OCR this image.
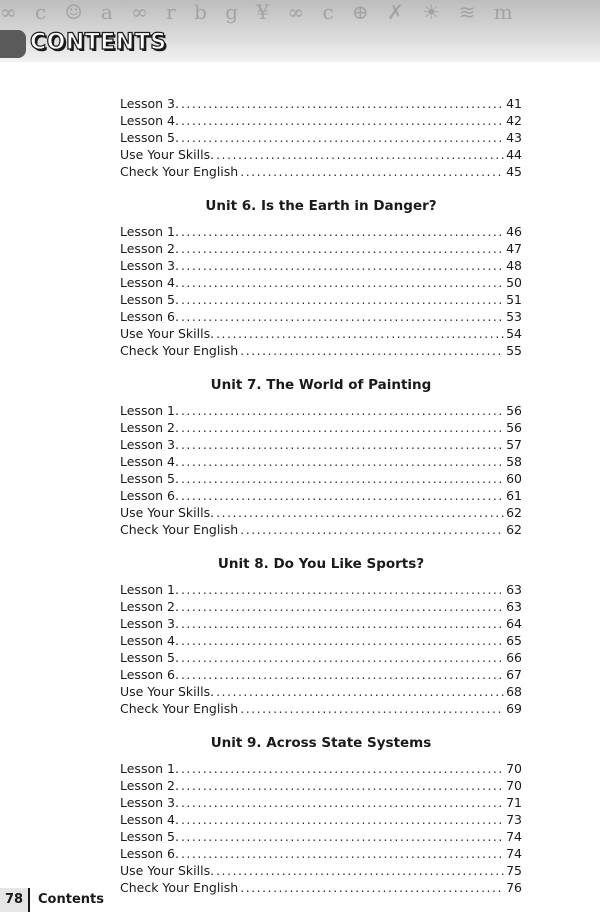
∞ c ☺ a ∞ r b g ¥ ∞ c ⊕ ✗ ☀ ≋ m
CONTENTS
Lesson 3. .....	41
Lesson 4. .....	42
Lesson 5. .....	43
Use Your Skills. .....	44
Check Your English .....	45
Unit 6. Is the Earth in Danger?
Lesson 1. .....	46
Lesson 2. .....	47
Lesson 3. .....	48
Lesson 4. .....	50
Lesson 5. .....	51
Lesson 6. .....	53
Use Your Skills. .....	54
Check Your English .....	55
Unit 7. The World of Painting
Lesson 1. .....	56
Lesson 2. .....	56
Lesson 3. .....	57
Lesson 4. .....	58
Lesson 5. .....	60
Lesson 6. .....	61
Use Your Skills. .....	62
Check Your English .....	62
Unit 8. Do You Like Sports?
Lesson 1. .....	63
Lesson 2. .....	63
Lesson 3. .....	64
Lesson 4. .....	65
Lesson 5. .....	66
Lesson 6. .....	67
Use Your Skills. .....	68
Check Your English .....	69
Unit 9. Across State Systems
Lesson 1. .....	70
Lesson 2. .....	70
Lesson 3. .....	71
Lesson 4. .....	73
Lesson 5. .....	74
Lesson 6. .....	74
Use Your Skills. .....	75
Check Your English .....	76
78	Contents
